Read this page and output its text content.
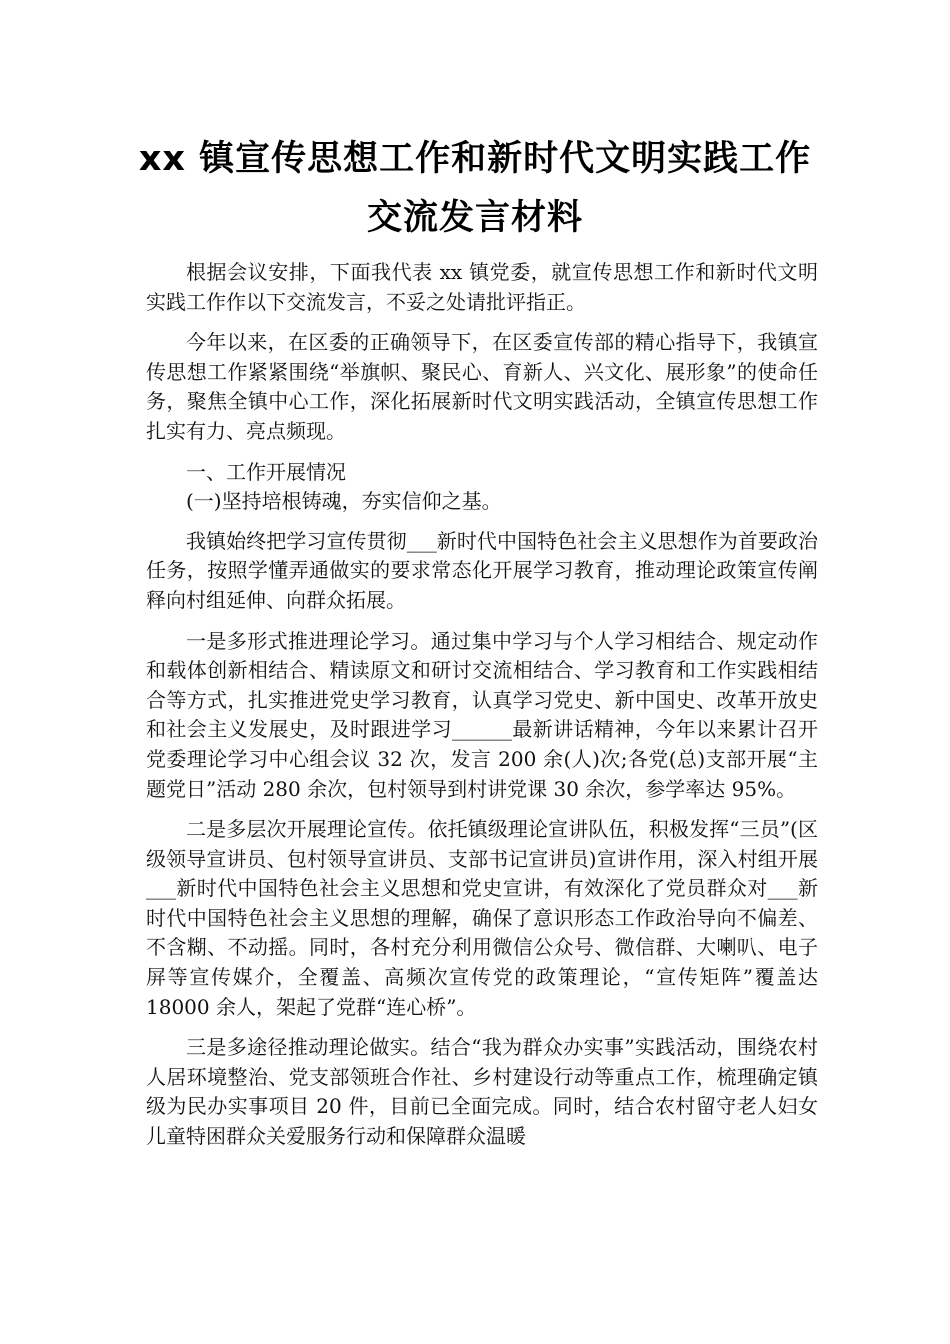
xx 镇宣传思想工作和新时代文明实践工作
交流发言材料

根据会议安排，下面我代表 xx 镇党委，就宣传思想工作和新时代文明实践工作作以下交流发言，不妥之处请批评指正。

今年以来，在区委的正确领导下，在区委宣传部的精心指导下，我镇宣传思想工作紧紧围绕“举旗帜、聚民心、育新人、兴文化、展形象”的使命任务，聚焦全镇中心工作，深化拓展新时代文明实践活动，全镇宣传思想工作扎实有力、亮点频现。

一、工作开展情况

(一)坚持培根铸魂，夯实信仰之基。

我镇始终把学习宣传贯彻___新时代中国特色社会主义思想作为首要政治任务，按照学懂弄通做实的要求常态化开展学习教育，推动理论政策宣传阐释向村组延伸、向群众拓展。

一是多形式推进理论学习。通过集中学习与个人学习相结合、规定动作和载体创新相结合、精读原文和研讨交流相结合、学习教育和工作实践相结合等方式，扎实推进党史学习教育，认真学习党史、新中国史、改革开放史和社会主义发展史，及时跟进学习______最新讲话精神，今年以来累计召开党委理论学习中心组会议 32 次，发言 200 余(人)次;各党(总)支部开展“主题党日”活动 280 余次，包村领导到村讲党课 30 余次，参学率达 95%。

二是多层次开展理论宣传。依托镇级理论宣讲队伍，积极发挥“三员”(区级领导宣讲员、包村领导宣讲员、支部书记宣讲员)宣讲作用，深入村组开展___新时代中国特色社会主义思想和党史宣讲，有效深化了党员群众对___新时代中国特色社会主义思想的理解，确保了意识形态工作政治导向不偏差、不含糊、不动摇。同时，各村充分利用微信公众号、微信群、大喇叭、电子屏等宣传媒介，全覆盖、高频次宣传党的政策理论，“宣传矩阵”覆盖达 18000 余人，架起了党群“连心桥”。

三是多途径推动理论做实。结合“我为群众办实事”实践活动，围绕农村人居环境整治、党支部领班合作社、乡村建设行动等重点工作，梳理确定镇级为民办实事项目 20 件，目前已全面完成。同时，结合农村留守老人妇女儿童特困群众关爱服务行动和保障群众温暖
